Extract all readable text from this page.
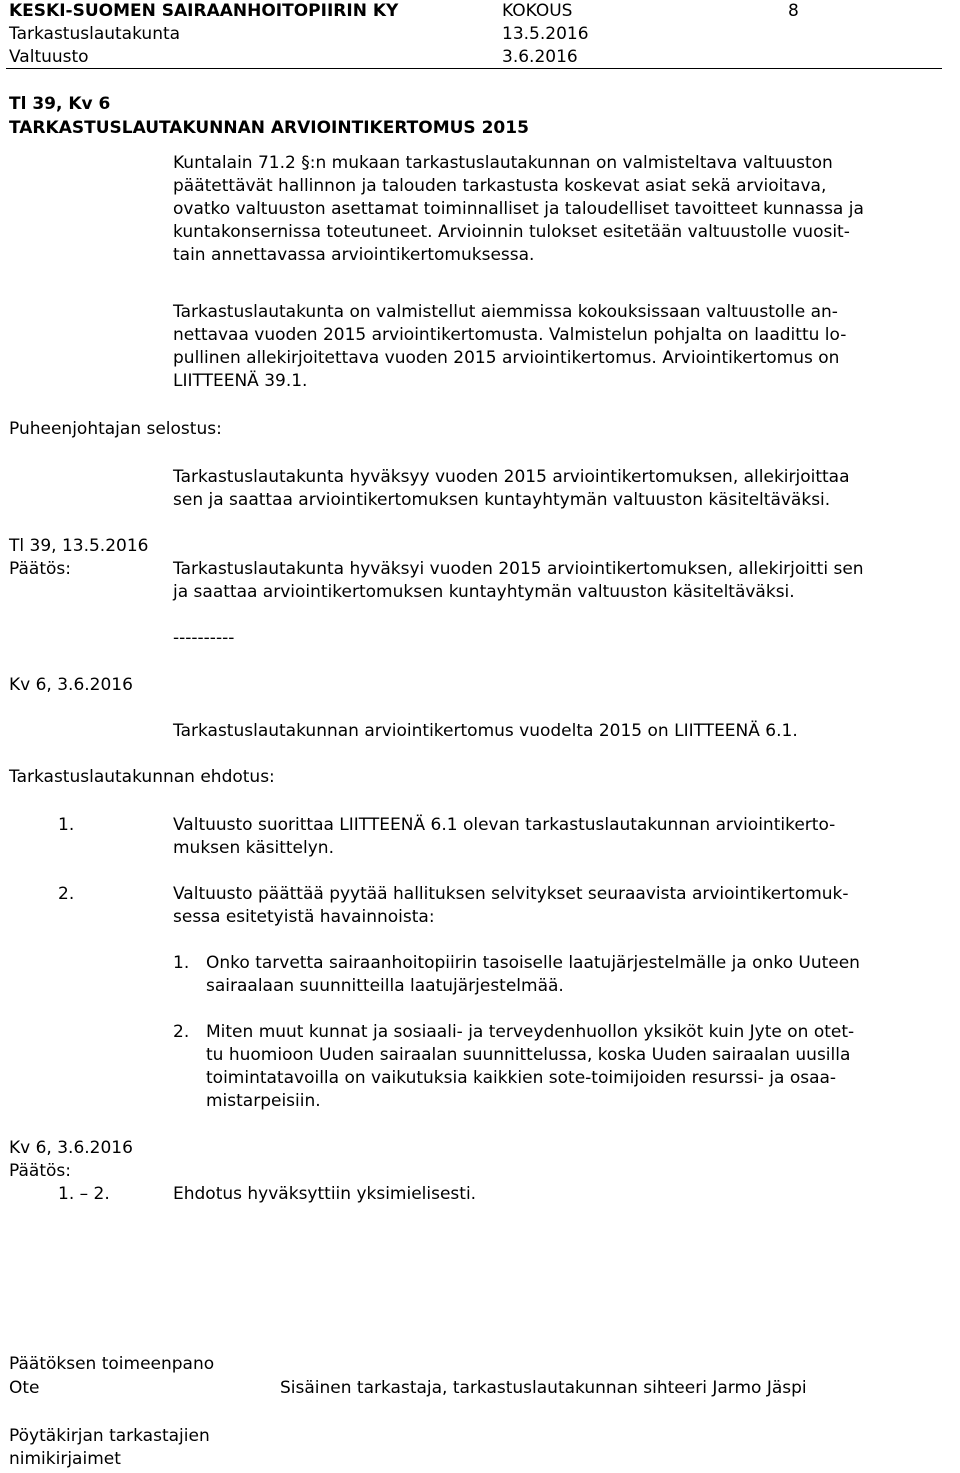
KESKI-SUOMEN SAIRAANHOITOPIIRIN KY	KOKOUS	8
Tarkastuslautakunta	13.5.2016
Valtuusto	3.6.2016
Tl 39, Kv 6
TARKASTUSLAUTAKUNNAN ARVIOINTIKERTOMUS 2015
Kuntalain 71.2 §:n mukaan tarkastuslautakunnan on valmisteltava valtuuston
päätettävät hallinnon ja talouden tarkastusta koskevat asiat sekä arvioitava,
ovatko valtuuston asettamat toiminnalliset ja taloudelliset tavoitteet kunnassa ja
kuntakonsernissa toteutuneet. Arvioinnin tulokset esitetään valtuustolle vuosit-
tain annettavassa arviointikertomuksessa.
Tarkastuslautakunta on valmistellut aiemmissa kokouksissaan valtuustolle an-
nettavaa vuoden 2015 arviointikertomusta. Valmistelun pohjalta on laadittu lo-
pullinen allekirjoitettava vuoden 2015 arviointikertomus. Arviointikertomus on
LIITTEENÄ 39.1.
Puheenjohtajan selostus:
Tarkastuslautakunta hyväksyy vuoden 2015 arviointikertomuksen, allekirjoittaa
sen ja saattaa arviointikertomuksen kuntayhtymän valtuuston käsiteltäväksi.
Tl 39, 13.5.2016
Päätös:	Tarkastuslautakunta hyväksyi vuoden 2015 arviointikertomuksen, allekirjoitti sen
ja saattaa arviointikertomuksen kuntayhtymän valtuuston käsiteltäväksi.
----------
Kv 6, 3.6.2016
Tarkastuslautakunnan arviointikertomus vuodelta 2015 on LIITTEENÄ 6.1.
Tarkastuslautakunnan ehdotus:
1.	Valtuusto suorittaa LIITTEENÄ 6.1 olevan tarkastuslautakunnan arviointikerto-
muksen käsittelyn.
2.	Valtuusto päättää pyytää hallituksen selvitykset seuraavista arviointikertomuk-
sessa esitetyistä havainnoista:
1. Onko tarvetta sairaanhoitopiirin tasoiselle laatujärjestelmälle ja onko Uuteen
sairaalaan suunnitteilla laatujärjestelmää.
2. Miten muut kunnat ja sosiaali- ja terveydenhuollon yksiköt kuin Jyte on otet-
tu huomioon Uuden sairaalan suunnittelussa, koska Uuden sairaalan uusilla
toimintatavoilla on vaikutuksia kaikkien sote-toimijoiden resurssi- ja osaa-
mistarpeisiin.
Kv 6, 3.6.2016
Päätös:
1. – 2.	Ehdotus hyväksyttiin yksimielisesti.
Päätöksen toimeenpano
Ote	Sisäinen tarkastaja, tarkastuslautakunnan sihteeri Jarmo Jäspi
Pöytäkirjan tarkastajien
nimikirjaimet
